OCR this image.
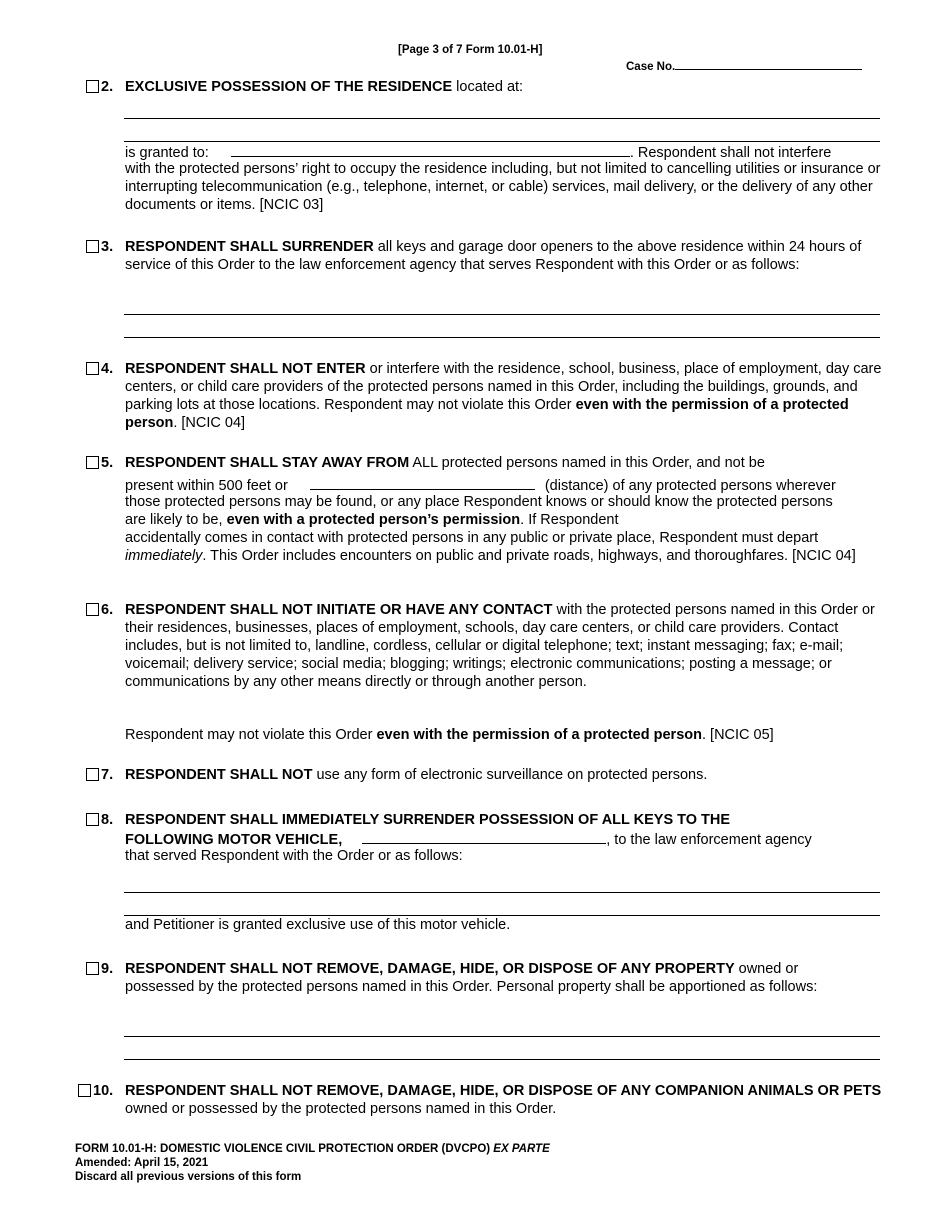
[Page 3 of 7 Form 10.01-H]
Case No.
2. EXCLUSIVE POSSESSION OF THE RESIDENCE located at:
is granted to:	. Respondent shall not interfere
with the protected persons’ right to occupy the residence including, but not limited to cancelling utilities or insurance or interrupting telecommunication (e.g., telephone, internet, or cable) services, mail delivery, or the delivery of any other documents or items. [NCIC 03]
3. RESPONDENT SHALL SURRENDER all keys and garage door openers to the above residence within 24 hours of service of this Order to the law enforcement agency that serves Respondent with this Order or as follows:
4. RESPONDENT SHALL NOT ENTER or interfere with the residence, school, business, place of employment, day care centers, or child care providers of the protected persons named in this Order, including the buildings, grounds, and parking lots at those locations. Respondent may not violate this Order even with the permission of a protected person. [NCIC 04]
5. RESPONDENT SHALL STAY AWAY FROM ALL protected persons named in this Order, and not be
present within 500 feet or	(distance) of any protected persons wherever
those protected persons may be found, or any place Respondent knows or should know the protected persons are likely to be, even with a protected person’s permission. If Respondent
accidentally comes in contact with protected persons in any public or private place, Respondent must depart immediately. This Order includes encounters on public and private roads, highways, and thoroughfares. [NCIC 04]
6. RESPONDENT SHALL NOT INITIATE OR HAVE ANY CONTACT with the protected persons named in this Order or their residences, businesses, places of employment, schools, day care centers, or child care providers. Contact includes, but is not limited to, landline, cordless, cellular or digital telephone; text; instant messaging; fax; e-mail; voicemail; delivery service; social media; blogging; writings; electronic communications; posting a message; or communications by any other means directly or through another person.
Respondent may not violate this Order even with the permission of a protected person. [NCIC 05]
7. RESPONDENT SHALL NOT use any form of electronic surveillance on protected persons.
8. RESPONDENT SHALL IMMEDIATELY SURRENDER POSSESSION OF ALL KEYS TO THE
FOLLOWING MOTOR VEHICLE,	, to the law enforcement agency
that served Respondent with the Order or as follows:
and Petitioner is granted exclusive use of this motor vehicle.
9. RESPONDENT SHALL NOT REMOVE, DAMAGE, HIDE, OR DISPOSE OF ANY PROPERTY owned or possessed by the protected persons named in this Order. Personal property shall be apportioned as follows:
10. RESPONDENT SHALL NOT REMOVE, DAMAGE, HIDE, OR DISPOSE OF ANY COMPANION ANIMALS OR PETS owned or possessed by the protected persons named in this Order.
FORM 10.01-H: DOMESTIC VIOLENCE CIVIL PROTECTION ORDER (DVCPO) EX PARTE
Amended: April 15, 2021
Discard all previous versions of this form
